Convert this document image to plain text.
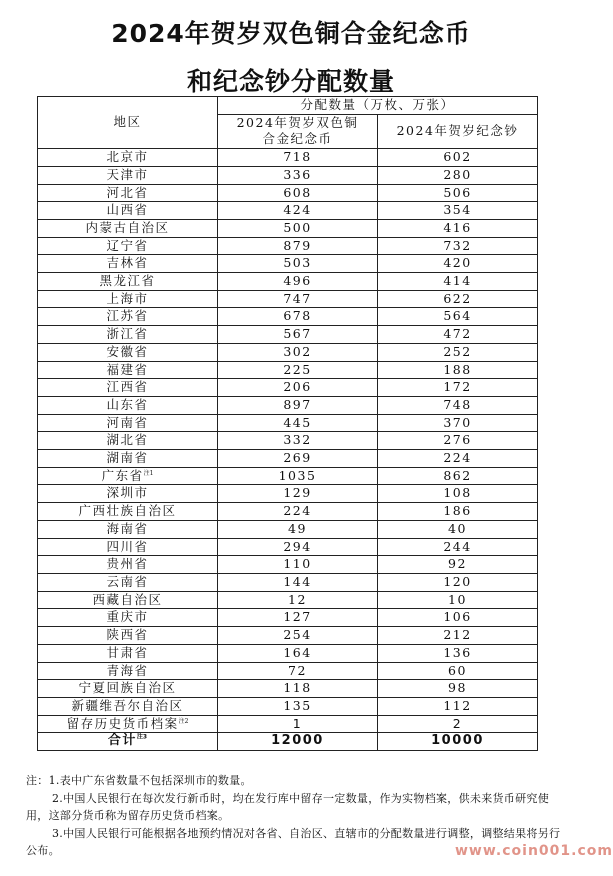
2024年贺岁双色铜合金纪念币
和纪念钞分配数量
地区	分配数量（万枚、万张）	

	2024年贺岁双色铜
合金纪念币	2024年贺岁纪念钞
北京市	718	602
天津市	336	280
河北省	608	506
山西省	424	354
内蒙古自治区	500	416
辽宁省	879	732
吉林省	503	420
黑龙江省	496	414
上海市	747	622
江苏省	678	564
浙江省	567	472
安徽省	302	252
福建省	225	188
江西省	206	172
山东省	897	748
河南省	445	370
湖北省	332	276
湖南省	269	224
广东省$^{注1}$	1035	862
深圳市	129	108
广西壮族自治区	224	186
海南省	49	40
四川省	294	244
贵州省	110	92
云南省	144	120
西藏自治区	12	10
重庆市	127	106
陕西省	254	212
甘肃省	164	136
青海省	72	60
宁夏回族自治区	118	98
新疆维吾尔自治区	135	112
留存历史货币档案$^{注2}$	1	2
合计$^{注3}$	12000	10000

注：1.表中广东省数量不包括深圳市的数量。

2.中国人民银行在每次发行新币时，均在发行库中留存一定数量，作为实物档案，供未来货币研究使用，这部分货币称为留存历史货币档案。

3.中国人民银行可能根据各地预约情况对各省、自治区、直辖市的分配数量进行调整，调整结果将另行公布。	www.coin001.com
